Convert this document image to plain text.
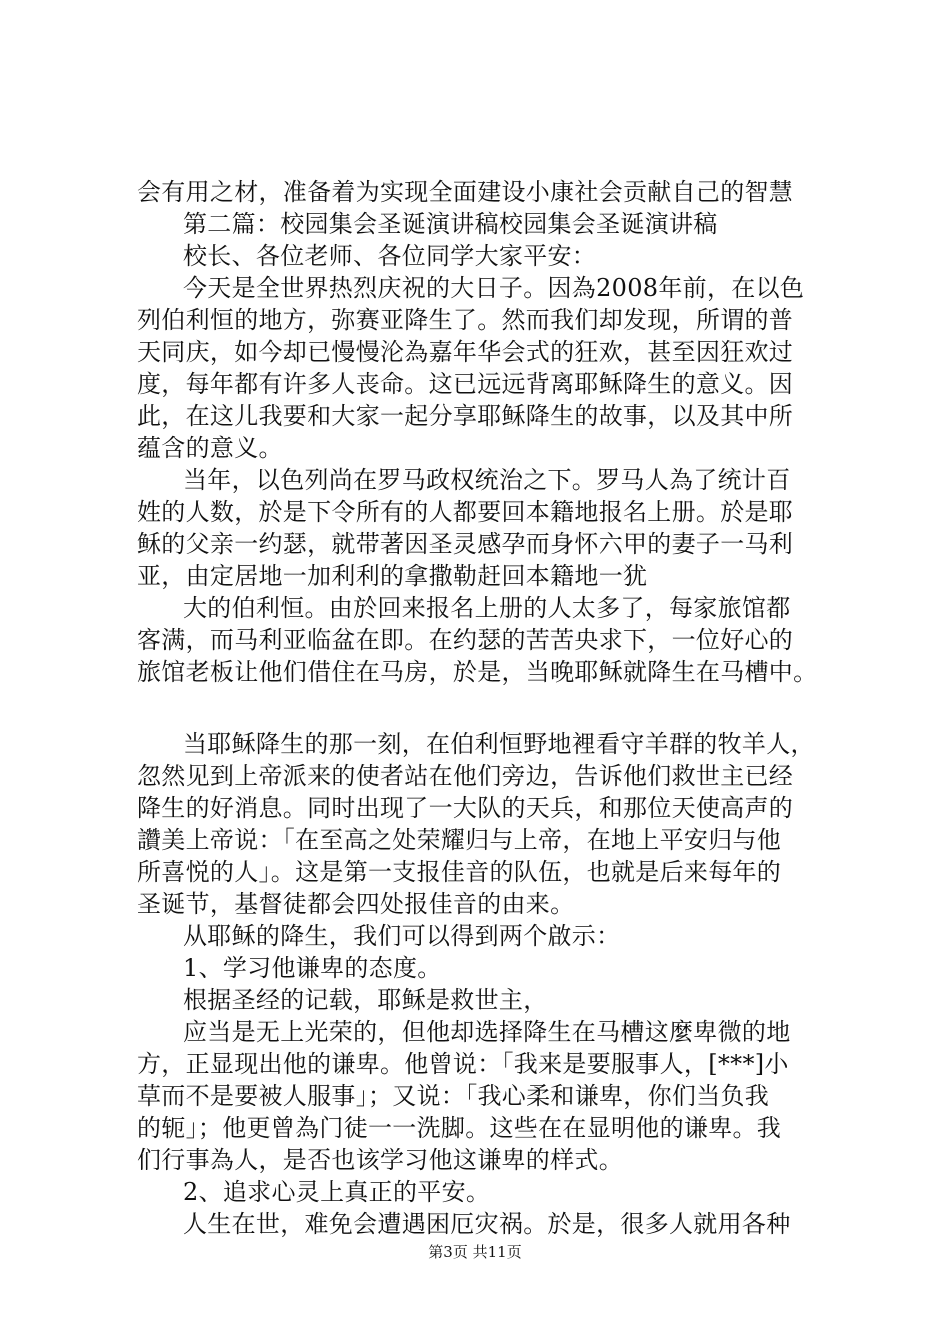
会有用之材，准备着为实现全面建设小康社会贡献自己的智慧
第二篇：校园集会圣诞演讲稿校园集会圣诞演讲稿
校长、各位老师、各位同学大家平安：
今天是全世界热烈庆祝的大日子。因為2008年前，在以色
列伯利恒的地方，弥赛亚降生了。然而我们却发现，所谓的普
天同庆，如今却已慢慢沦為嘉年华会式的狂欢，甚至因狂欢过
度，每年都有许多人丧命。这已远远背离耶稣降生的意义。因
此，在这儿我要和大家一起分享耶稣降生的故事，以及其中所
蕴含的意义。
当年，以色列尚在罗马政权统治之下。罗马人為了统计百
姓的人数，於是下令所有的人都要回本籍地报名上册。於是耶
稣的父亲一约瑟，就带著因圣灵感孕而身怀六甲的妻子一马利
亚，由定居地一加利利的拿撒勒赶回本籍地一犹
大的伯利恒。由於回来报名上册的人太多了，每家旅馆都
客满，而马利亚临盆在即。在约瑟的苦苦央求下，一位好心的
旅馆老板让他们借住在马房，於是，当晚耶稣就降生在马槽中。
当耶稣降生的那一刻，在伯利恒野地裡看守羊群的牧羊人，
忽然见到上帝派来的使者站在他们旁边，告诉他们救世主已经
降生的好消息。同时出现了一大队的天兵，和那位天使高声的
讚美上帝说：「在至高之处荣耀归与上帝，在地上平安归与他
所喜悦的人」。这是第一支报佳音的队伍，也就是后来每年的
圣诞节，基督徒都会四处报佳音的由来。
从耶稣的降生，我们可以得到两个啟示：
1、学习他谦卑的态度。
根据圣经的记载，耶稣是救世主，
应当是无上光荣的，但他却选择降生在马槽这麼卑微的地
方，正显现出他的谦卑。他曾说：「我来是要服事人，[***]小
草而不是要被人服事」；又说：「我心柔和谦卑，你们当负我
的轭」；他更曾為门徒一一洗脚。这些在在显明他的谦卑。我
们行事為人，是否也该学习他这谦卑的样式。
2、追求心灵上真正的平安。
人生在世，难免会遭遇困厄灾祸。於是，很多人就用各种
第3页 共11页
